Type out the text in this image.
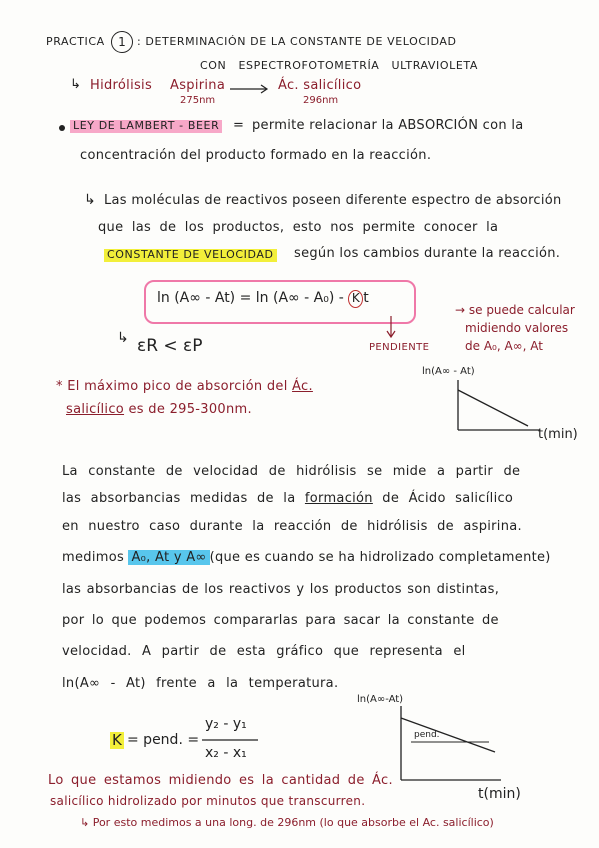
PRACTICA	1	: DETERMINACIÓN DE LA CONSTANTE DE VELOCIDAD
CON ESPECTROFOTOMETRÍA ULTRAVIOLETA
↳ Hidrólisis Aspirina
275nm
→ Ác. salicílico
296nm
LEY DE LAMBERT - BEER = permite relacionar la ABSORCIÓN con la
concentración del producto formado en la reacción.
↳ Las moléculas de reactivos poseen diferente espectro de absorción
que las de los productos, esto nos permite conocer la
CONSTANTE DE VELOCIDAD según los cambios durante la reacción.
ln (A∞ - At) = ln (A∞ - A₀) - K t
PENDIENTE
↳ εR < εP
→ se puede calcular
midiendo valores
de A₀, A∞, At
* El máximo pico de absorción del Ác.
salicílico es de 295-300nm.
ln(A∞ - At)
t(min)
La constante de velocidad de hidrólisis se mide a partir de
las absorbancias medidas de la formación de Ácido salicílico
en nuestro caso durante la reacción de hidrólisis de aspirina.
medimos A₀, At y A∞ (que es cuando se ha hidrolizado completamente)
las absorbancias de los reactivos y los productos son distintas,
por lo que podemos compararlas para sacar la constante de
velocidad. A partir de esta gráfico que representa el
ln(A∞ - At) frente a la temperatura.
K = pend. =
y₂ - y₁
x₂ - x₁
ln(A∞-At)
pend.
t(min)
Lo que estamos midiendo es la cantidad de Ác.
salicílico hidrolizado por minutos que transcurren.
↳ Por esto medimos a una long. de 296nm (lo que absorbe el Ac. salicílico)
